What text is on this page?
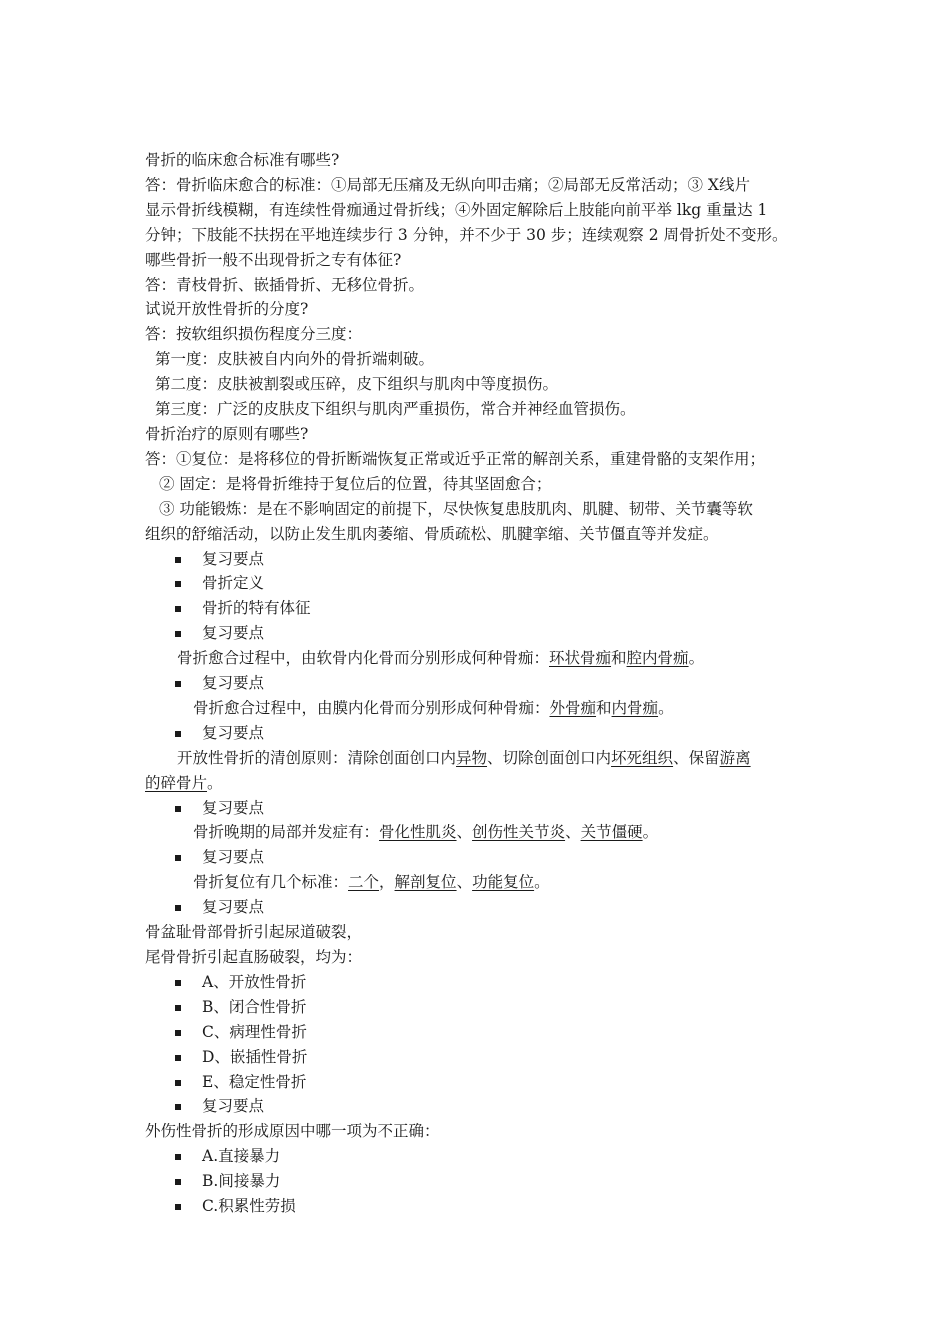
骨折的临床愈合标准有哪些?
答：骨折临床愈合的标准：①局部无压痛及无纵向叩击痛；②局部无反常活动；③ X线片
显示骨折线模糊，有连续性骨痂通过骨折线；④外固定解除后上肢能向前平举 lkg 重量达 1
分钟；下肢能不扶拐在平地连续步行 3 分钟，并不少于 30 步；连续观察 2 周骨折处不变形。
哪些骨折一般不出现骨折之专有体征?
答：青枝骨折、嵌插骨折、无移位骨折。
试说开放性骨折的分度?
答：按软组织损伤程度分三度：
第一度：皮肤被自内向外的骨折端刺破。
第二度：皮肤被割裂或压碎，皮下组织与肌肉中等度损伤。
第三度：广泛的皮肤皮下组织与肌肉严重损伤，常合并神经血管损伤。
骨折治疗的原则有哪些?
答：①复位：是将移位的骨折断端恢复正常或近乎正常的解剖关系，重建骨骼的支架作用；
② 固定：是将骨折维持于复位后的位置，待其坚固愈合；
③ 功能锻炼：是在不影响固定的前提下，尽快恢复患肢肌肉、肌腱、韧带、关节囊等软
组织的舒缩活动，以防止发生肌肉萎缩、骨质疏松、肌腱挛缩、关节僵直等并发症。
复习要点
骨折定义
骨折的特有体征
复习要点
骨折愈合过程中，由软骨内化骨而分别形成何种骨痂：环状骨痂和腔内骨痂。
复习要点
骨折愈合过程中，由膜内化骨而分别形成何种骨痂：外骨痂和内骨痂。
复习要点
开放性骨折的清创原则：清除创面创口内异物、切除创面创口内坏死组织、保留游离
的碎骨片。
复习要点
骨折晚期的局部并发症有：骨化性肌炎、创伤性关节炎、关节僵硬。
复习要点
骨折复位有几个标准：二个，解剖复位、功能复位。
复习要点
骨盆耻骨部骨折引起尿道破裂，
尾骨骨折引起直肠破裂，均为：
A、开放性骨折
B、闭合性骨折
C、病理性骨折
D、嵌插性骨折
E、稳定性骨折
复习要点
外伤性骨折的形成原因中哪一项为不正确：
A.直接暴力
B.间接暴力
C.积累性劳损
